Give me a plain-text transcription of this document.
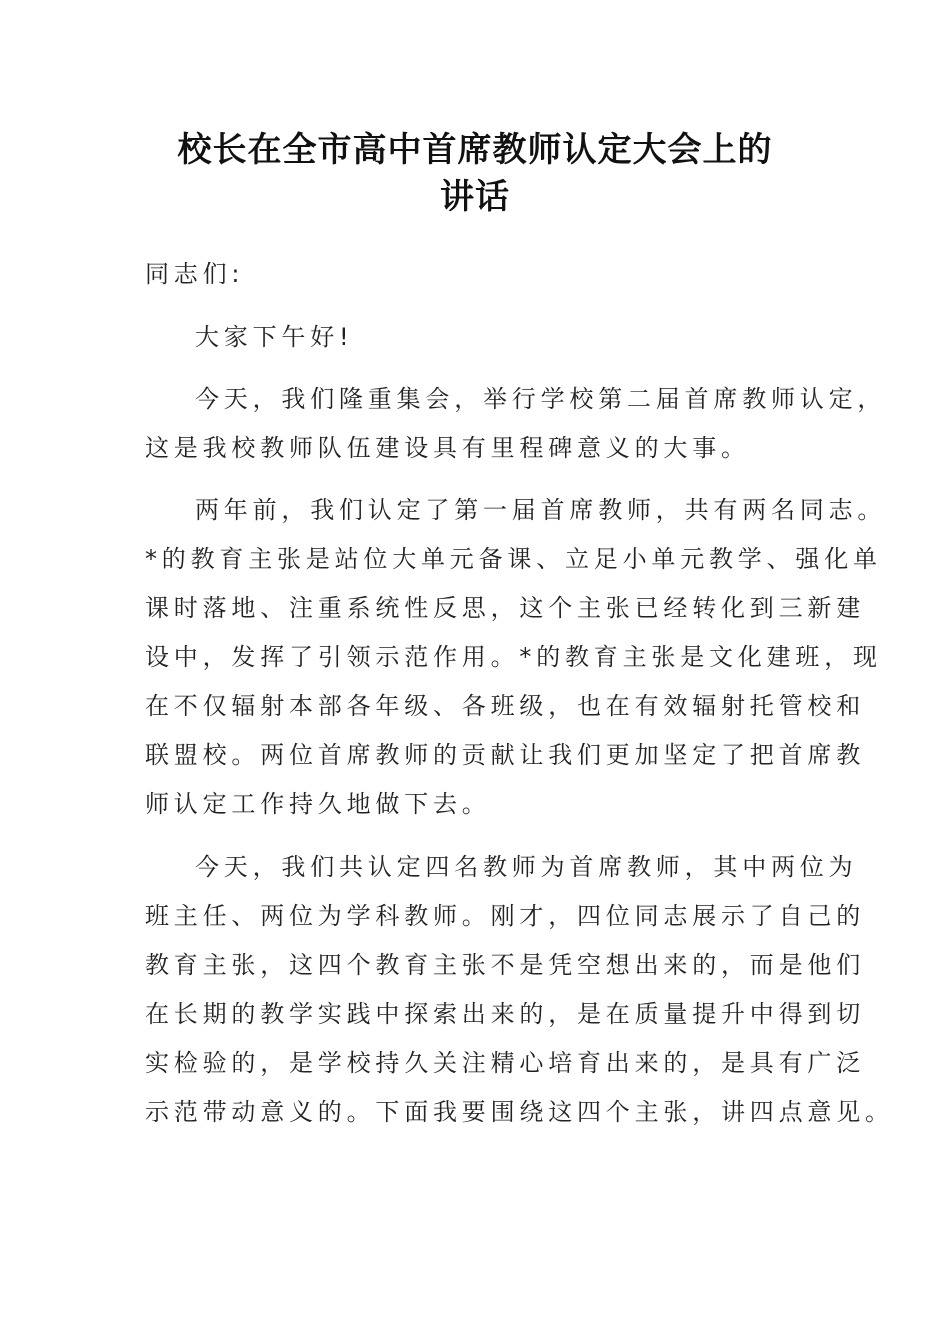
校长在全市高中首席教师认定大会上的
讲话
同志们:
大家下午好!
今天，我们隆重集会，举行学校第二届首席教师认定，
这是我校教师队伍建设具有里程碑意义的大事。
两年前，我们认定了第一届首席教师，共有两名同志。
*的教育主张是站位大单元备课、立足小单元教学、强化单
课时落地、注重系统性反思，这个主张已经转化到三新建
设中，发挥了引领示范作用。*的教育主张是文化建班，现
在不仅辐射本部各年级、各班级，也在有效辐射托管校和
联盟校。两位首席教师的贡献让我们更加坚定了把首席教
师认定工作持久地做下去。
今天，我们共认定四名教师为首席教师，其中两位为
班主任、两位为学科教师。刚才，四位同志展示了自己的
教育主张，这四个教育主张不是凭空想出来的，而是他们
在长期的教学实践中探索出来的，是在质量提升中得到切
实检验的，是学校持久关注精心培育出来的，是具有广泛
示范带动意义的。下面我要围绕这四个主张，讲四点意见。
